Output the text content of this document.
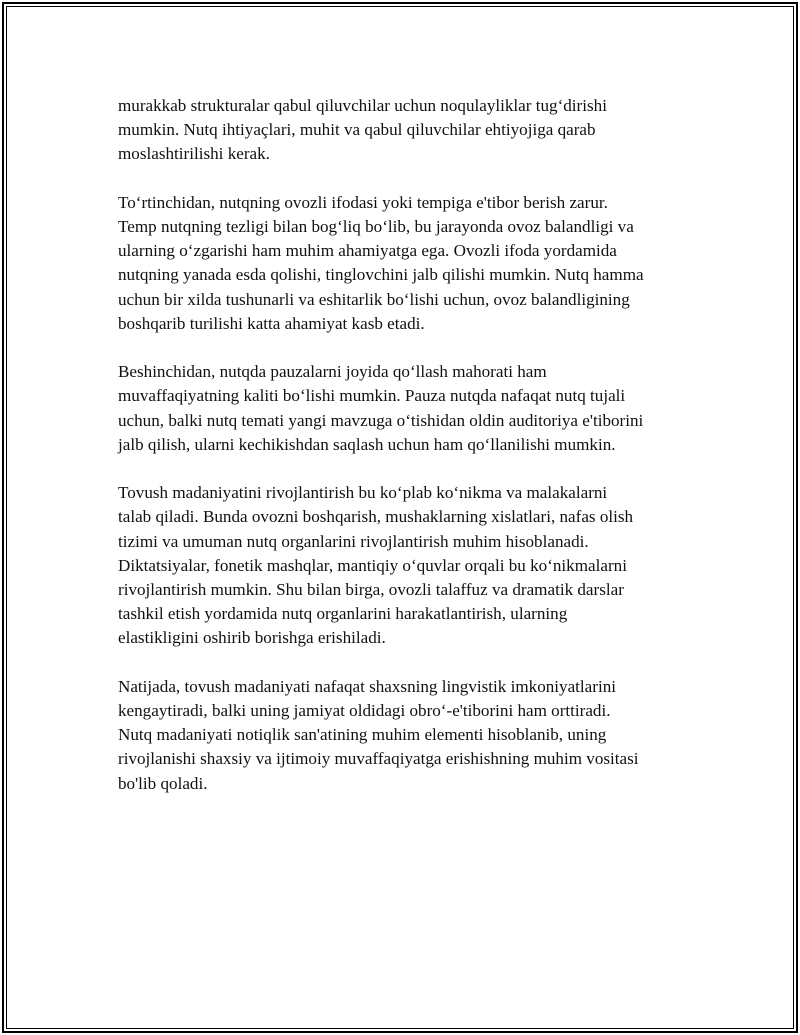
murakkab strukturalar qabul qiluvchilar uchun noqulayliklar tug‘dirishi
mumkin. Nutq ihtiyaçlari, muhit va qabul qiluvchilar ehtiyojiga qarab
moslashtirilishi kerak.

To‘rtinchidan, nutqning ovozli ifodasi yoki tempiga e'tibor berish zarur.
Temp nutqning tezligi bilan bog‘liq bo‘lib, bu jarayonda ovoz balandligi va
ularning o‘zgarishi ham muhim ahamiyatga ega. Ovozli ifoda yordamida
nutqning yanada esda qolishi, tinglovchini jalb qilishi mumkin. Nutq hamma
uchun bir xilda tushunarli va eshitarlik bo‘lishi uchun, ovoz balandligining
boshqarib turilishi katta ahamiyat kasb etadi.

Beshinchidan, nutqda pauzalarni joyida qo‘llash mahorati ham
muvaffaqiyatning kaliti bo‘lishi mumkin. Pauza nutqda nafaqat nutq tujali
uchun, balki nutq temati yangi mavzuga o‘tishidan oldin auditoriya e'tiborini
jalb qilish, ularni kechikishdan saqlash uchun ham qo‘llanilishi mumkin.

Tovush madaniyatini rivojlantirish bu ko‘plab ko‘nikma va malakalarni
talab qiladi. Bunda ovozni boshqarish, mushaklarning xislatlari, nafas olish
tizimi va umuman nutq organlarini rivojlantirish muhim hisoblanadi.
Diktatsiyalar, fonetik mashqlar, mantiqiy o‘quvlar orqali bu ko‘nikmalarni
rivojlantirish mumkin. Shu bilan birga, ovozli talaffuz va dramatik darslar
tashkil etish yordamida nutq organlarini harakatlantirish, ularning
elastikligini oshirib borishga erishiladi.

Natijada, tovush madaniyati nafaqat shaxsning lingvistik imkoniyatlarini
kengaytiradi, balki uning jamiyat oldidagi obro‘-e'tiborini ham orttiradi.
Nutq madaniyati notiqlik san'atining muhim elementi hisoblanib, uning
rivojlanishi shaxsiy va ijtimoiy muvaffaqiyatga erishishning muhim vositasi
bo'lib qoladi.
